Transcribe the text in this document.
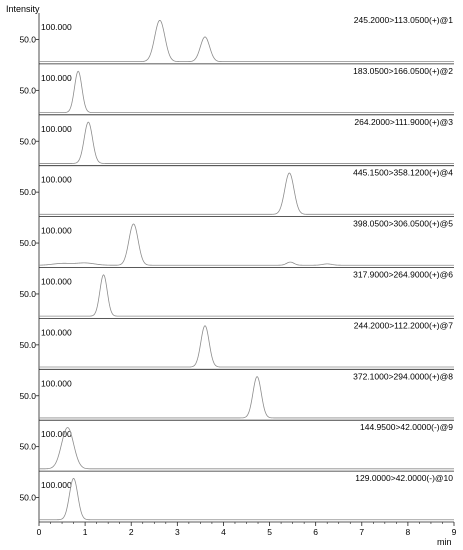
Intensity
min
50.0
100.000
245.2000>113.0500(+)@1
50.0
100.000
183.0500>166.0500(+)@2
50.0
100.000
264.2000>111.9000(+)@3
50.0
100.000
445.1500>358.1200(+)@4
50.0
100.000
398.0500>306.0500(+)@5
50.0
100.000
317.9000>264.9000(+)@6
50.0
100.000
244.2000>112.2000(+)@7
50.0
100.000
372.1000>294.0000(+)@8
50.0
100.000
144.9500>42.0000(-)@9
50.0
100.000
129.0000>42.0000(-)@10
0	1	2	3	4	5	6	7	8	9
